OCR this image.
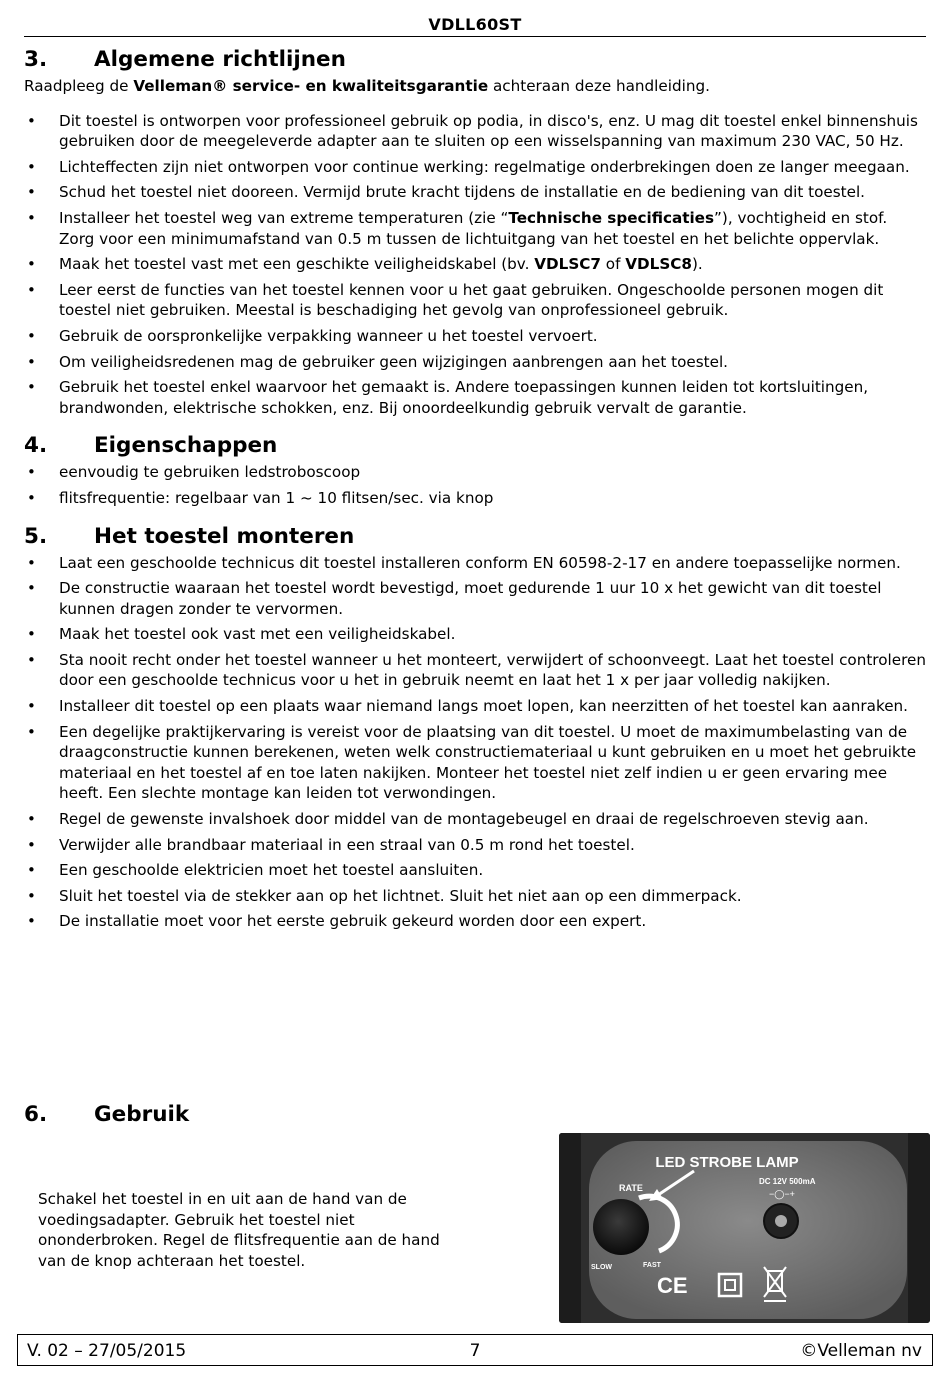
VDLL60ST
3. Algemene richtlijnen

Raadpleeg de Velleman® service- en kwaliteitsgarantie achteraan deze handleiding.

• Dit toestel is ontworpen voor professioneel gebruik op podia, in disco's, enz. U mag dit toestel enkel binnenshuis gebruiken door de meegeleverde adapter aan te sluiten op een wisselspanning van maximum 230 VAC, 50 Hz.
• Lichteffecten zijn niet ontworpen voor continue werking: regelmatige onderbrekingen doen ze langer meegaan.
• Schud het toestel niet dooreen. Vermijd brute kracht tijdens de installatie en de bediening van dit toestel.
• Installeer het toestel weg van extreme temperaturen (zie “Technische specificaties”), vochtigheid en stof. Zorg voor een minimumafstand van 0.5 m tussen de lichtuitgang van het toestel en het belichte oppervlak.
• Maak het toestel vast met een geschikte veiligheidskabel (bv. VDLSC7 of VDLSC8).
• Leer eerst de functies van het toestel kennen voor u het gaat gebruiken. Ongeschoolde personen mogen dit toestel niet gebruiken. Meestal is beschadiging het gevolg van onprofessioneel gebruik.
• Gebruik de oorspronkelijke verpakking wanneer u het toestel vervoert.
• Om veiligheidsredenen mag de gebruiker geen wijzigingen aanbrengen aan het toestel.
• Gebruik het toestel enkel waarvoor het gemaakt is. Andere toepassingen kunnen leiden tot kortsluitingen, brandwonden, elektrische schokken, enz. Bij onoordeelkundig gebruik vervalt de garantie.
4. Eigenschappen
• eenvoudig te gebruiken ledstroboscoop
• flitsfrequentie: regelbaar van 1 ~ 10 flitsen/sec. via knop
5. Het toestel monteren
• Laat een geschoolde technicus dit toestel installeren conform EN 60598-2-17 en andere toepasselijke normen.
• De constructie waaraan het toestel wordt bevestigd, moet gedurende 1 uur 10 x het gewicht van dit toestel kunnen dragen zonder te vervormen.
• Maak het toestel ook vast met een veiligheidskabel.
• Sta nooit recht onder het toestel wanneer u het monteert, verwijdert of schoonveegt. Laat het toestel controleren door een geschoolde technicus voor u het in gebruik neemt en laat het 1 x per jaar volledig nakijken.
• Installeer dit toestel op een plaats waar niemand langs moet lopen, kan neerzitten of het toestel kan aanraken.
• Een degelijke praktijkervaring is vereist voor de plaatsing van dit toestel. U moet de maximumbelasting van de draagconstructie kunnen berekenen, weten welk constructiemateriaal u kunt gebruiken en u moet het gebruikte materiaal en het toestel af en toe laten nakijken. Monteer het toestel niet zelf indien u er geen ervaring mee heeft. Een slechte montage kan leiden tot verwondingen.
• Regel de gewenste invalshoek door middel van de montagebeugel en draai de regelschroeven stevig aan.
• Verwijder alle brandbaar materiaal in een straal van 0.5 m rond het toestel.
• Een geschoolde elektricien moet het toestel aansluiten.
• Sluit het toestel via de stekker aan op het lichtnet. Sluit het niet aan op een dimmerpack.
• De installatie moet voor het eerste gebruik gekeurd worden door een expert.
6. Gebruik
Schakel het toestel in en uit aan de hand van de voedingsadapter. Gebruik het toestel niet ononderbroken. Regel de flitsfrequentie aan de hand van de knop achteraan het toestel.
LED STROBE LAMP
RATE
SLOW	FAST
DC 12V 500mA
−◯−+
CE
V. 02 – 27/05/2015	7	©Velleman nv
